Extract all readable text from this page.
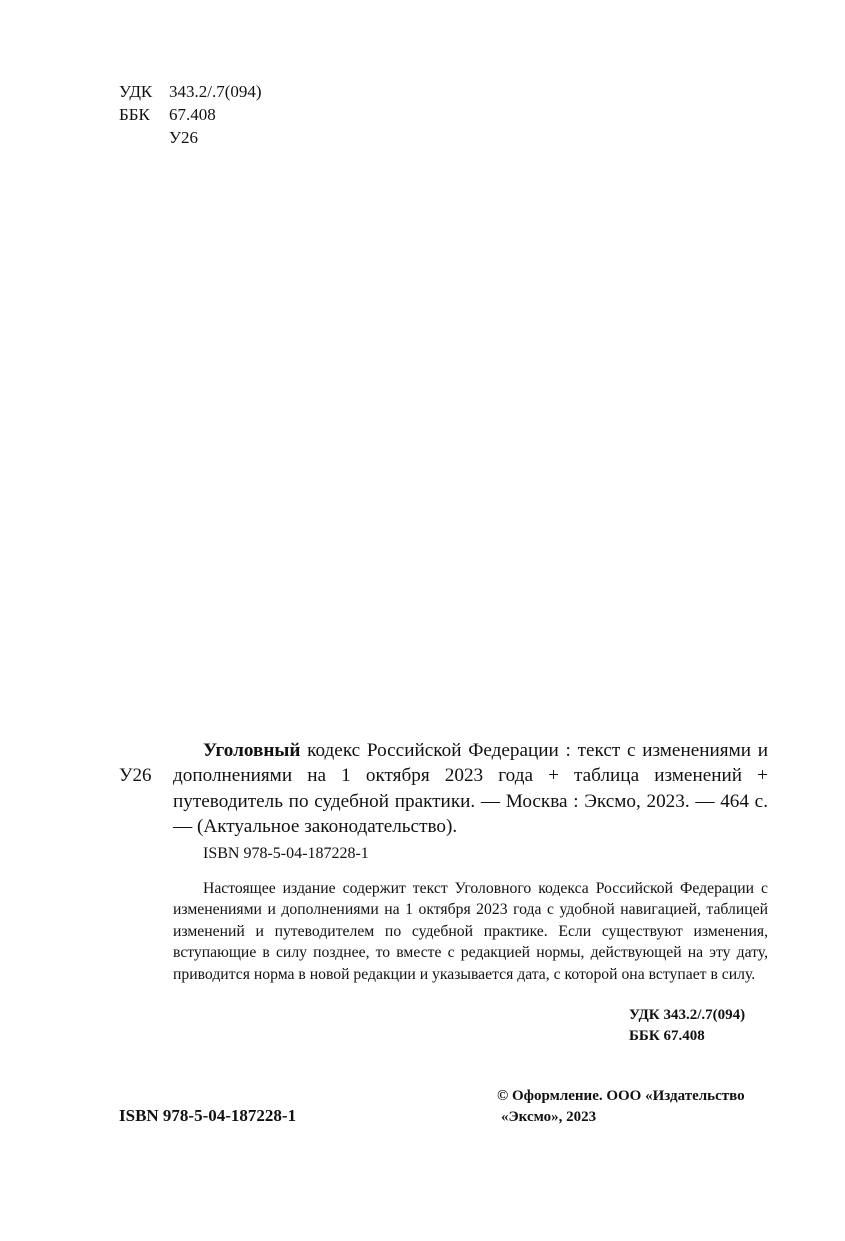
УДК 343.2/.7(094)
ББК 67.408
У26
У26

Уголовный кодекс Российской Федерации : текст с изменениями и дополнениями на 1 октября 2023 года + таблица изменений + путеводитель по судебной практики. — Москва : Эксмо, 2023. — 464 с. — (Актуальное законодательство).

ISBN 978-5-04-187228-1

Настоящее издание содержит текст Уголовного кодекса Российской Федерации с изменениями и дополнениями на 1 октября 2023 года с удобной навигацией, таблицей изменений и путеводителем по судебной практике. Если существуют изменения, вступающие в силу позднее, то вместе с редакцией нормы, действующей на эту дату, приводится норма в новой редакции и указывается дата, с которой она вступает в силу.

УДК 343.2/.7(094)
ББК 67.408
ISBN 978-5-04-187228-1
© Оформление. ООО «Издательство
«Эксмо», 2023
